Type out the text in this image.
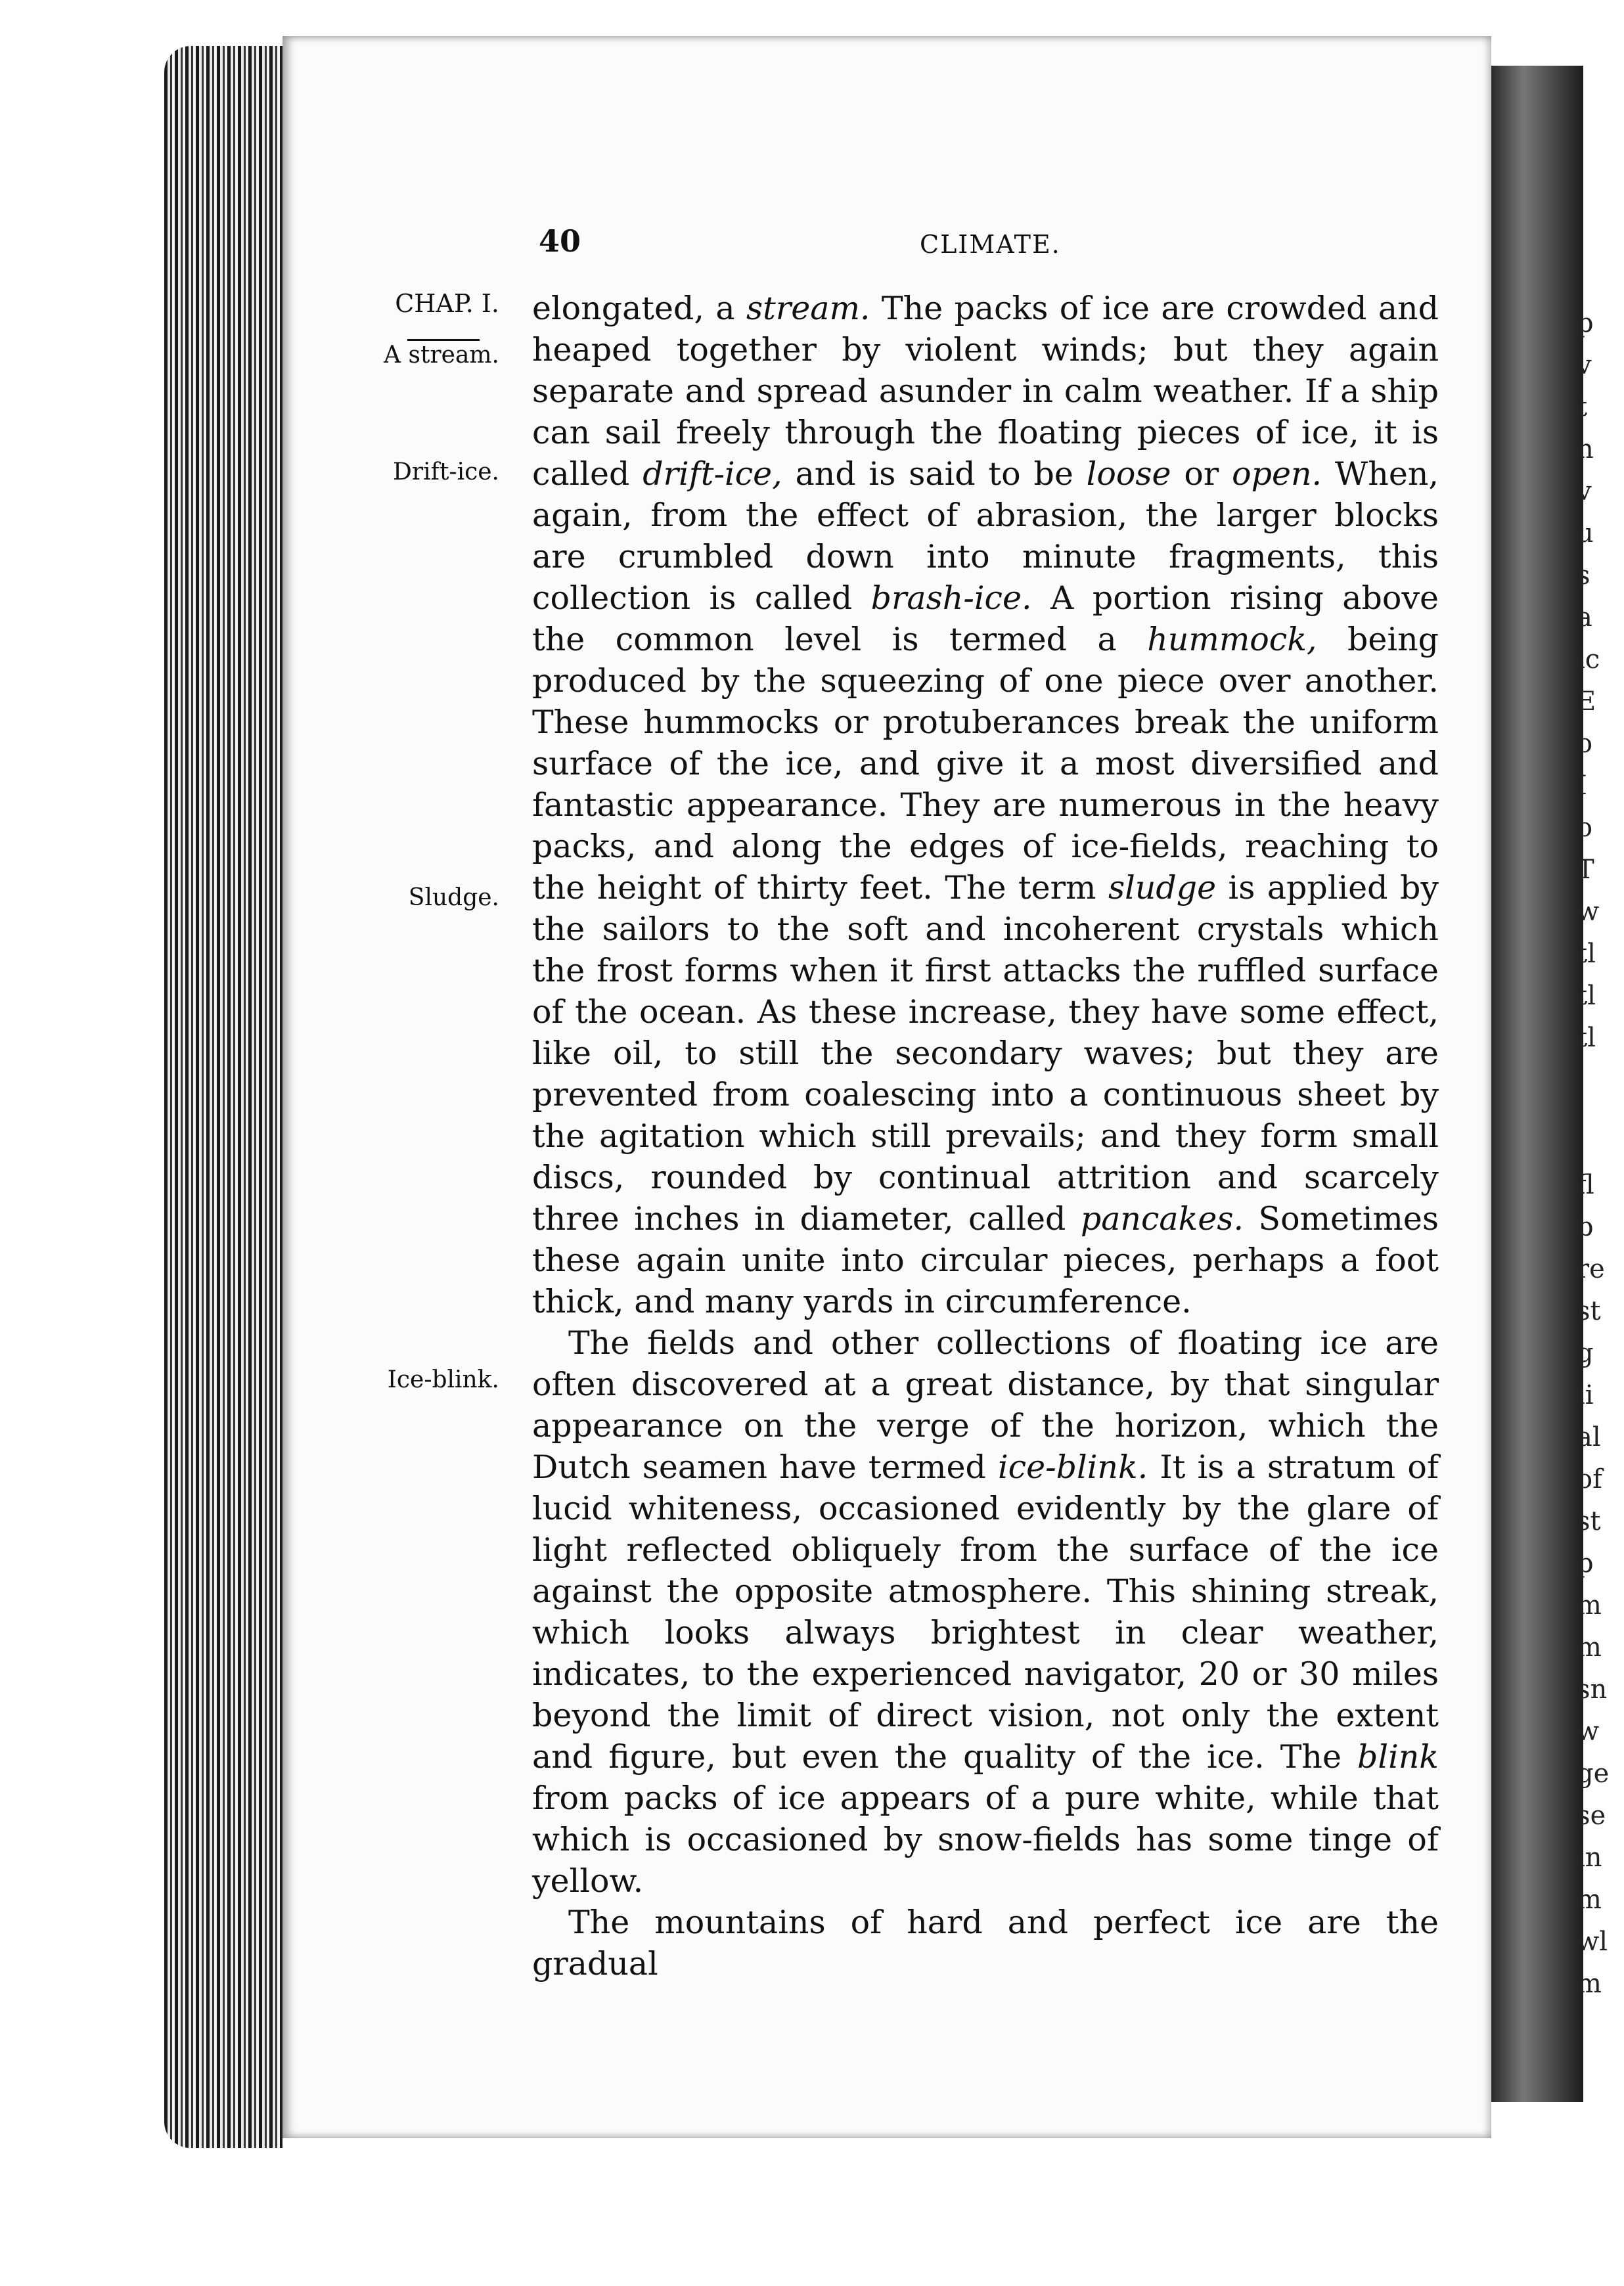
p
v
t
n
v
u
s
a
ic
E
o
I
o
T
w
tl
tl
tl
fl
b
re
st
g
li
al
of
st
p
m
m
sn
w
ge
se
in
m
wl
m
40	CLIMATE.
CHAP. I.
A stream.
Drift-ice.
Sludge.
Ice-blink.

elongated, a stream. The packs of ice are crowded and heaped together by violent winds; but they again separate and spread asunder in calm weather. If a ship can sail freely through the floating pieces of ice, it is called drift-ice, and is said to be loose or open. When, again, from the effect of abrasion, the larger blocks are crumbled down into minute fragments, this collection is called brash-ice. A portion rising above the common level is termed a hummock, being produced by the squeezing of one piece over another. These hummocks or protuberances break the uniform surface of the ice, and give it a most diversified and fantastic appearance. They are numerous in the heavy packs, and along the edges of ice-fields, reaching to the height of thirty feet. The term sludge is applied by the sailors to the soft and incoherent crystals which the frost forms when it first attacks the ruffled surface of the ocean. As these increase, they have some effect, like oil, to still the secondary waves; but they are prevented from coalescing into a continuous sheet by the agitation which still prevails; and they form small discs, rounded by continual attrition and scarcely three inches in diameter, called pancakes. Sometimes these again unite into circular pieces, perhaps a foot thick, and many yards in circumference.

The fields and other collections of floating ice are often discovered at a great distance, by that singular appearance on the verge of the horizon, which the Dutch seamen have termed ice-blink. It is a stratum of lucid whiteness, occasioned evidently by the glare of light reflected obliquely from the surface of the ice against the opposite atmosphere. This shining streak, which looks always brightest in clear weather, indicates, to the experienced navigator, 20 or 30 miles beyond the limit of direct vision, not only the extent and figure, but even the quality of the ice. The blink from packs of ice appears of a pure white, while that which is occasioned by snow-fields has some tinge of yellow.

The mountains of hard and perfect ice are the gradual
